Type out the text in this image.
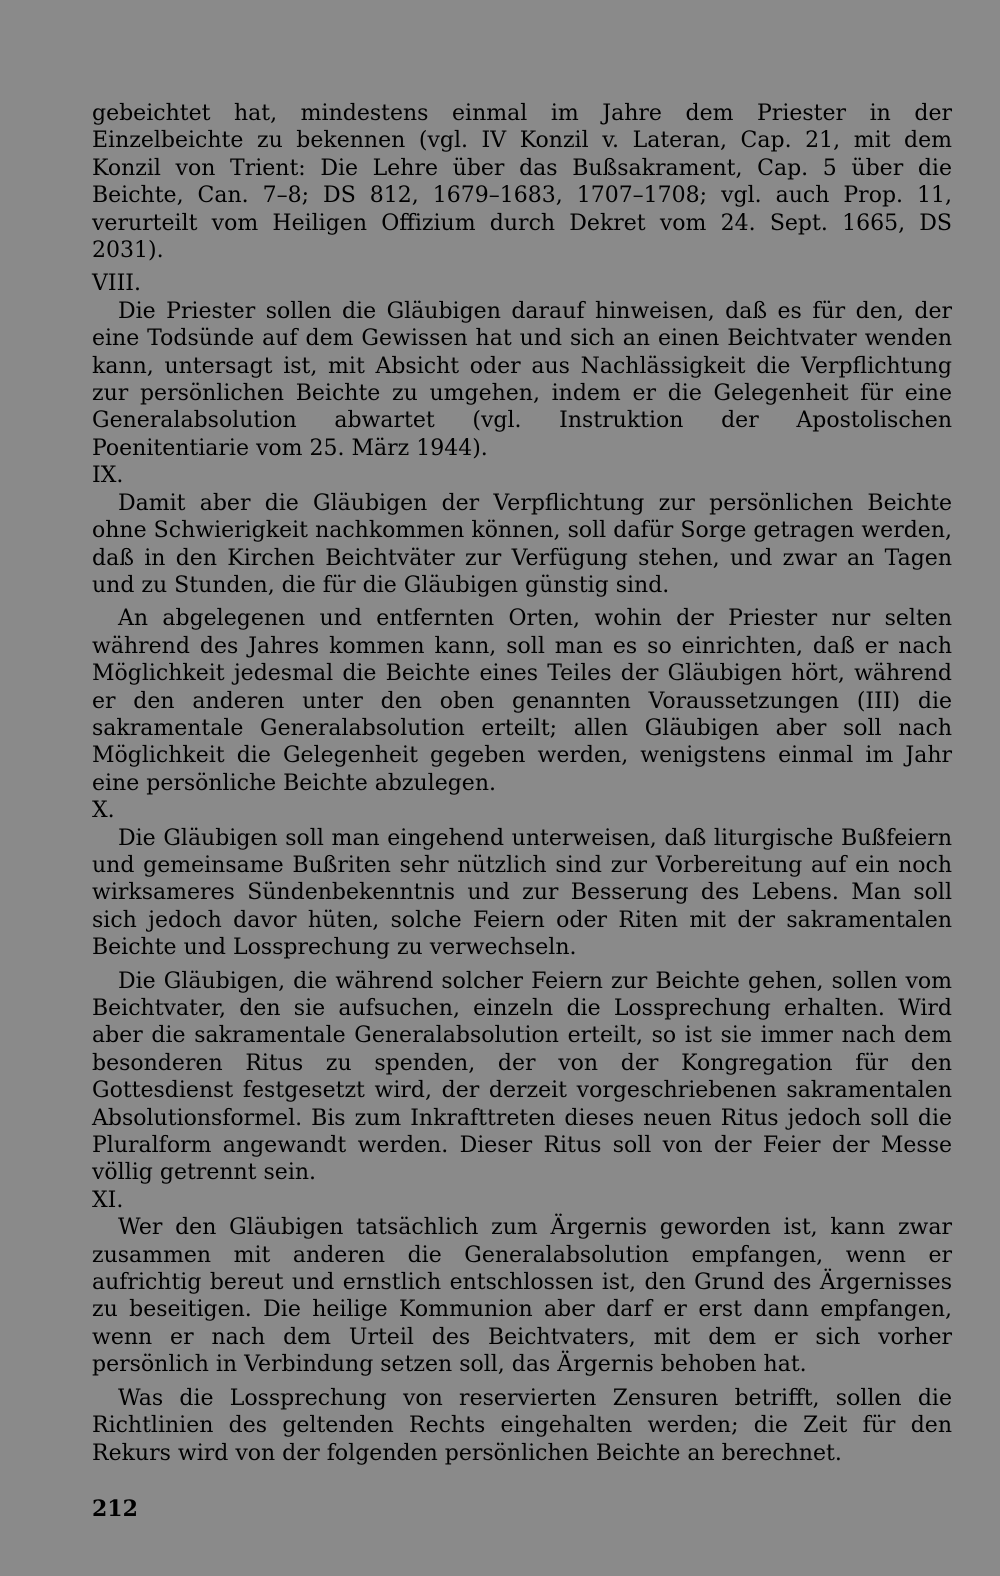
gebeichtet hat, mindestens einmal im Jahre dem Priester in der Einzelbeichte zu bekennen (vgl. IV Konzil v. Lateran, Cap. 21, mit dem Konzil von Trient: Die Lehre über das Bußsakrament, Cap. 5 über die Beichte, Can. 7–8; DS 812, 1679–1683, 1707–1708; vgl. auch Prop. 11, verurteilt vom Heiligen Offizium durch Dekret vom 24. Sept. 1665, DS 2031).

VIII.

Die Priester sollen die Gläubigen darauf hinweisen, daß es für den, der eine Todsünde auf dem Gewissen hat und sich an einen Beichtvater wenden kann, untersagt ist, mit Absicht oder aus Nachlässigkeit die Verpflichtung zur persönlichen Beichte zu umgehen, indem er die Gelegenheit für eine Generalabsolution abwartet (vgl. Instruktion der Apostolischen Poenitentiarie vom 25. März 1944).

IX.

Damit aber die Gläubigen der Verpflichtung zur persönlichen Beichte ohne Schwierigkeit nachkommen können, soll dafür Sorge getragen werden, daß in den Kirchen Beichtväter zur Verfügung stehen, und zwar an Tagen und zu Stunden, die für die Gläubigen günstig sind.

An abgelegenen und entfernten Orten, wohin der Priester nur selten während des Jahres kommen kann, soll man es so einrichten, daß er nach Möglichkeit jedesmal die Beichte eines Teiles der Gläubigen hört, während er den anderen unter den oben genannten Voraussetzungen (III) die sakramentale Generalabsolution erteilt; allen Gläubigen aber soll nach Möglichkeit die Gelegenheit gegeben werden, wenigstens einmal im Jahr eine persönliche Beichte abzulegen.

X.

Die Gläubigen soll man eingehend unterweisen, daß liturgische Bußfeiern und gemeinsame Bußriten sehr nützlich sind zur Vorbereitung auf ein noch wirksameres Sündenbekenntnis und zur Besserung des Lebens. Man soll sich jedoch davor hüten, solche Feiern oder Riten mit der sakramentalen Beichte und Lossprechung zu verwechseln.

Die Gläubigen, die während solcher Feiern zur Beichte gehen, sollen vom Beichtvater, den sie aufsuchen, einzeln die Lossprechung erhalten. Wird aber die sakramentale Generalabsolution erteilt, so ist sie immer nach dem besonderen Ritus zu spenden, der von der Kongregation für den Gottesdienst festgesetzt wird, der derzeit vorgeschriebenen sakramentalen Absolutionsformel. Bis zum Inkrafttreten dieses neuen Ritus jedoch soll die Pluralform angewandt werden. Dieser Ritus soll von der Feier der Messe völlig getrennt sein.

XI.

Wer den Gläubigen tatsächlich zum Ärgernis geworden ist, kann zwar zusammen mit anderen die Generalabsolution empfangen, wenn er aufrichtig bereut und ernstlich entschlossen ist, den Grund des Ärgernisses zu beseitigen. Die heilige Kommunion aber darf er erst dann empfangen, wenn er nach dem Urteil des Beichtvaters, mit dem er sich vorher persönlich in Verbindung setzen soll, das Ärgernis behoben hat.

Was die Lossprechung von reservierten Zensuren betrifft, sollen die Richtlinien des geltenden Rechts eingehalten werden; die Zeit für den Rekurs wird von der folgenden persönlichen Beichte an berechnet.

212
